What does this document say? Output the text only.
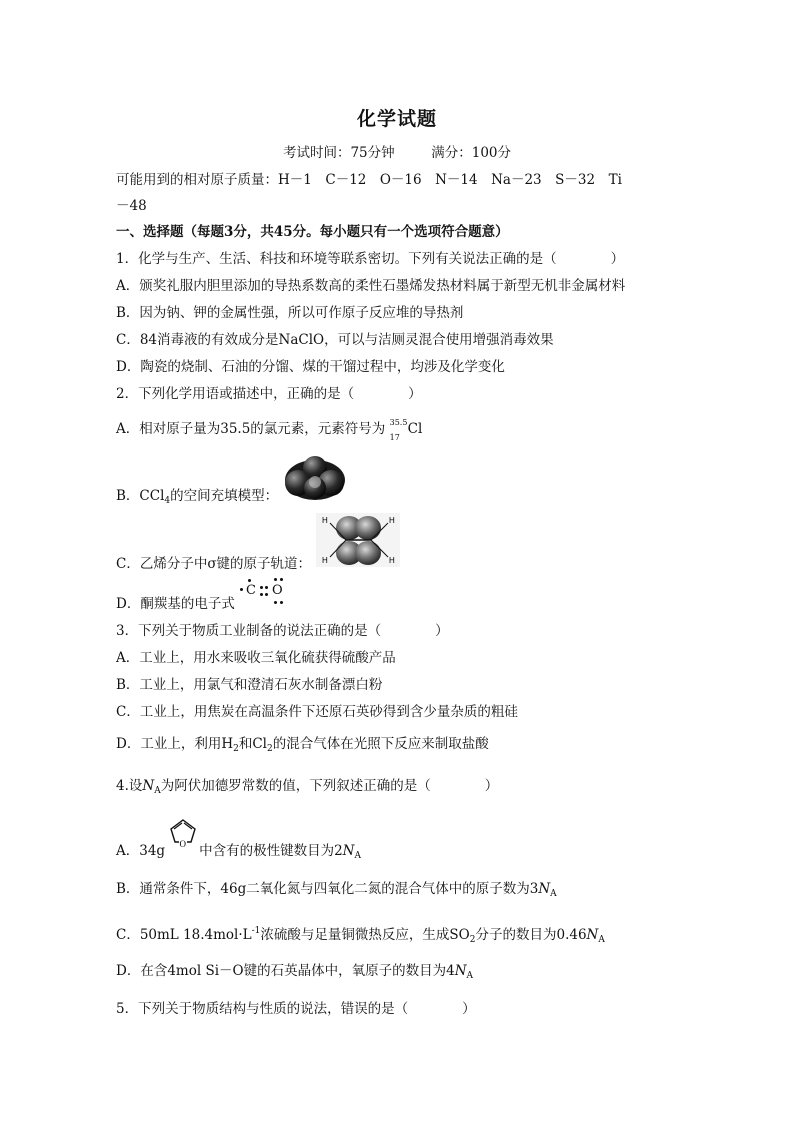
化学试题
考试时间：75分钟	满分：100分
可能用到的相对原子质量：H－1　C－12　O－16　N－14　Na－23　S－32　Ti
－48
一、选择题（每题3分，共45分。每小题只有一个选项符合题意）
1．化学与生产、生活、科技和环境等联系密切。下列有关说法正确的是（　　　　）
A．颁奖礼服内胆里添加的导热系数高的柔性石墨烯发热材料属于新型无机非金属材料
B．因为钠、钾的金属性强，所以可作原子反应堆的导热剂
C．84消毒液的有效成分是NaClO，可以与洁厕灵混合使用增强消毒效果
D．陶瓷的烧制、石油的分馏、煤的干馏过程中，均涉及化学变化
2．下列化学用语或描述中，正确的是（　　　　）
A．相对原子量为35.5的氯元素，元素符号为 35.5
17
Cl
B．CCl$_4$的空间充填模型：
H
H
H
H
C．乙烯分子中σ键的原子轨道：
D．酮羰基的电子式
C O
3．下列关于物质工业制备的说法正确的是（　　　　）
A．工业上，用水来吸收三氧化硫获得硫酸产品
B．工业上，用氯气和澄清石灰水制备漂白粉
C．工业上，用焦炭在高温条件下还原石英砂得到含少量杂质的粗硅
D．工业上，利用$H_2$和$Cl_2$的混合气体在光照下反应来制取盐酸
4.设$N_A$为阿伏加德罗常数的值，下列叙述正确的是（　　　　）
O
A．34g	中含有的极性键数目为$2N_A$
B．通常条件下，46g二氧化氮与四氧化二氮的混合气体中的原子数为$3N_A$
C．50mL $18.4mol\cdot L^{-1}$浓硫酸与足量铜微热反应，生成$SO_2$分子的数目为$0.46N_A$
D．在含4mol Si－O键的石英晶体中，氧原子的数目为$4N_A$
5．下列关于物质结构与性质的说法，错误的是（　　　　）
